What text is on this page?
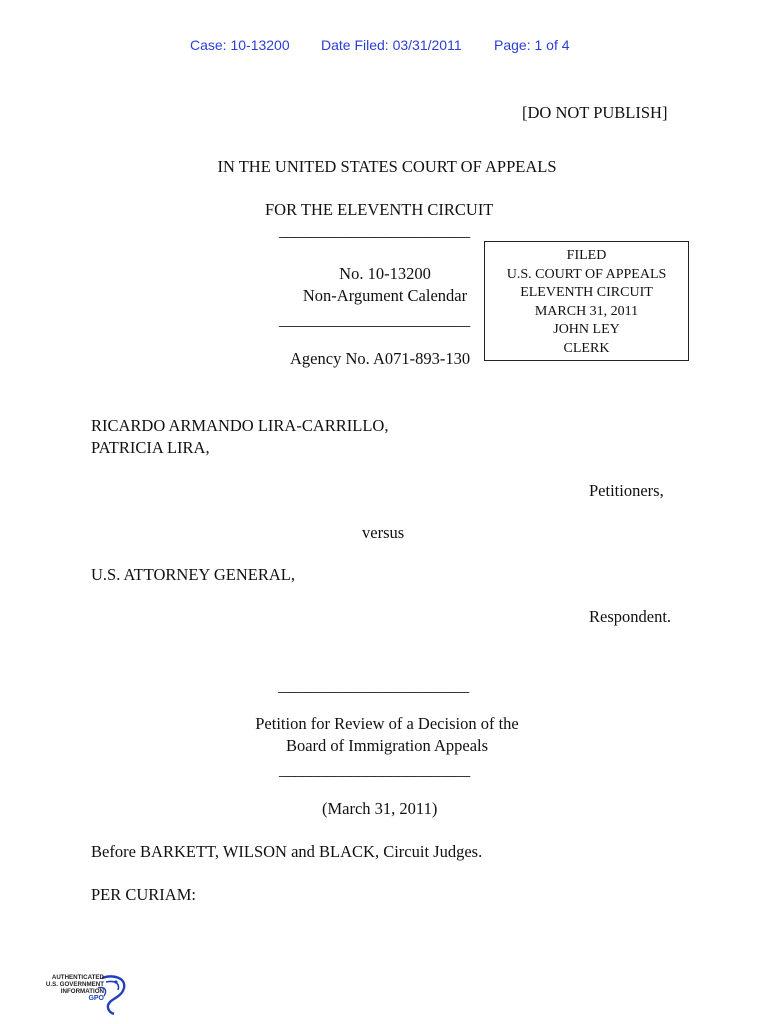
Case: 10-13200 Date Filed: 03/31/2011 Page: 1 of 4
[DO NOT PUBLISH]
IN THE UNITED STATES COURT OF APPEALS
FOR THE ELEVENTH CIRCUIT
________________________
No. 10-13200
Non-Argument Calendar
________________________
Agency No. A071-893-130
FILED
U.S. COURT OF APPEALS
ELEVENTH CIRCUIT
MARCH 31, 2011
JOHN LEY
CLERK
RICARDO ARMANDO LIRA-CARRILLO,
PATRICIA LIRA,
Petitioners,
versus
U.S. ATTORNEY GENERAL,
Respondent.
________________________
Petition for Review of a Decision of the
Board of Immigration Appeals
________________________
(March 31, 2011)
Before BARKETT, WILSON and BLACK, Circuit Judges.
PER CURIAM:
AUTHENTICATED
U.S. GOVERNMENT
INFORMATION
GPO
